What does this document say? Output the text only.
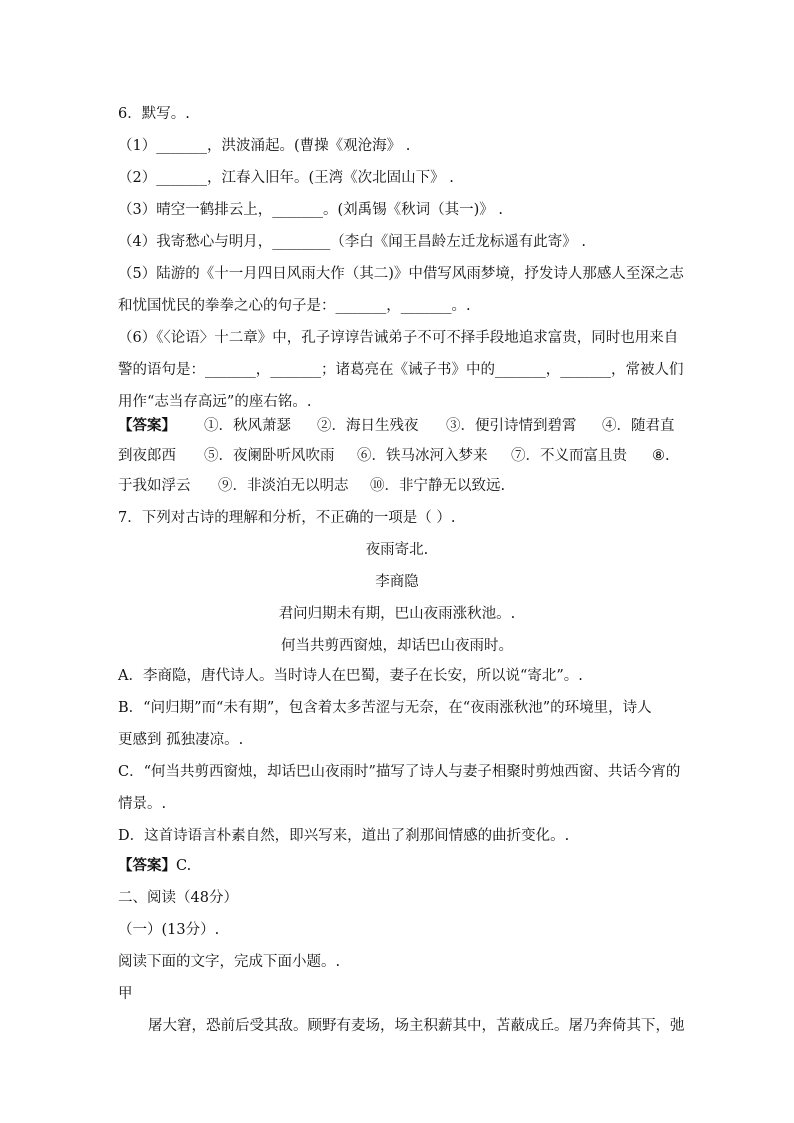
6．默写。.
（1）_______，洪波涌起。(曹操《观沧海》 .
（2）_______，江春入旧年。(王湾《次北固山下》 .
（3）晴空一鹤排云上，_______。(刘禹锡《秋词（其一)》 .
（4）我寄愁心与明月，________（李白《闻王昌龄左迁龙标遥有此寄》 .
（5）陆游的《十一月四日风雨大作（其二)》中借写风雨梦境，抒发诗人那感人至深之志
和忧国忧民的拳拳之心的句子是：_______，_______。.
（6）《〈论语〉十二章》中，孔子谆谆告诫弟子不可不择手段地追求富贵，同时也用来自
警的语句是：_______，_______；诸葛亮在《诫子书》中的_______，_______，常被人们
用作“志当存高远”的座右铭。.
【答案】 ①．秋风萧瑟 ②．海日生残夜 ③．便引诗情到碧霄 ④．随君直
到夜郎西 ⑤．夜阑卧听风吹雨 ⑥．铁马冰河入梦来 ⑦．不义而富且贵 ⑧.
于我如浮云 ⑨．非淡泊无以明志 ⑩．非宁静无以致远.
7．下列对古诗的理解和分析，不正确的一项是（ ）.
夜雨寄北.
李商隐
君问归期未有期，巴山夜雨涨秋池。.
何当共剪西窗烛，却话巴山夜雨时。
A．李商隐，唐代诗人。当时诗人在巴蜀，妻子在长安，所以说“寄北”。.
B．“问归期”而“未有期”，包含着太多苦涩与无奈，在“夜雨涨秋池”的环境里，诗人
更感到 孤独凄凉。.
C．“何当共剪西窗烛，却话巴山夜雨时”描写了诗人与妻子相聚时剪烛西窗、共话今宵的
情景。.
D．这首诗语言朴素自然，即兴写来，道出了刹那间情感的曲折变化。.
【答案】C.
二、阅读（48分）
（一）(13分）.
阅读下面的文字，完成下面小题。.
甲
屠大窘，恐前后受其敌。顾野有麦场，场主积薪其中，苫蔽成丘。屠乃奔倚其下，弛
